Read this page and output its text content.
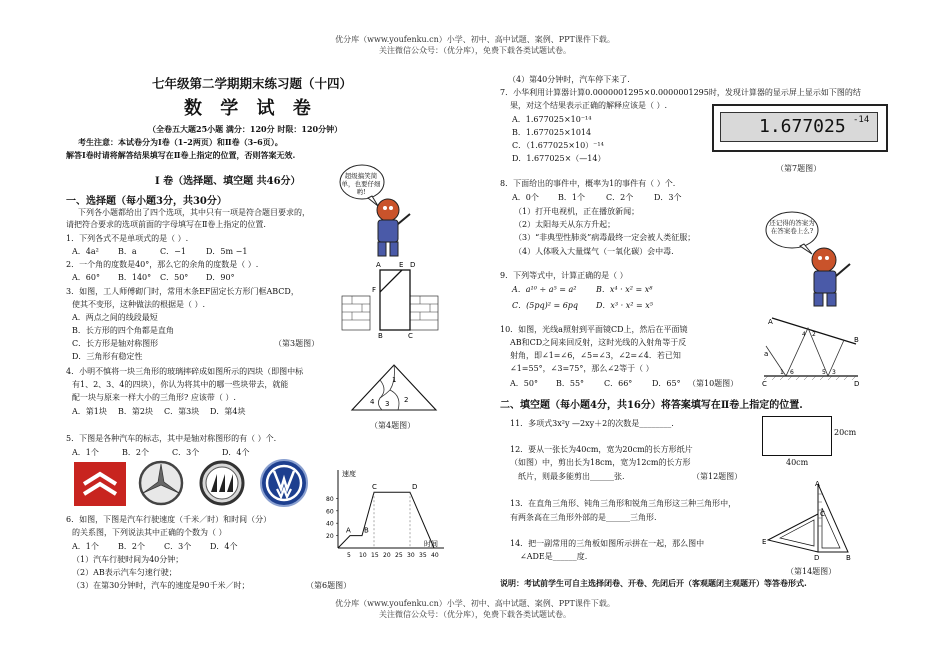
优分库（www.youfenku.cn）小学、初中、高中试题、案例、PPT课件下载。
关注微信公众号：（优分库），免费下载各类试题试卷。
七年级第二学期期末练习题（十四）
数 学 试 卷
（全卷五大题25小题 满分：120分 时限：120分钟）
考生注意：本试卷分为Ⅰ卷（1–2两页）和Ⅱ卷（3–6页）。
解答Ⅰ卷时请将解答结果填写在Ⅱ卷上指定的位置，否则答案无效.
Ⅰ 卷（选择题、填空题 共46分）	超级搞笑简单，也要仔细哟!
一、选择题（每小题3分，共30分）
下列各小题都给出了四个选项，其中只有一项是符合题目要求的，
请把符合要求的选项前面的字母填写在Ⅱ卷上指定的位置.
1．下列各式不是单项式的是（ ）.
A．4a² B．a	C．−1	D．5m −1
2．一个角的度数是40°，那么它的余角的度数是（ ）.
A．60° B．140° C．50° D．90°
3．如图，工人师傅砌门时，常用木条EF固定长方形门框ABCD，
使其不变形，这种做法的根据是（ ）.
A．两点之间的线段最短
B．长方形的四个角都是直角
C．长方形是轴对称图形
D．三角形有稳定性
（第3题图）
A	E D
F
B	C
4．小明不慎将一块三角形的玻璃摔碎成如图所示的四块（即图中标
有1、2、3、4的四块），你认为将其中的哪一些块带去，就能
配一块与原来一样大小的三角形? 应该带（ ）.
A．第1块 B．第2块 C．第3块 D．第4块
1
2
3
4
（第4题图）
5．下图是各种汽车的标志，其中是轴对称图形的有（ ）个.
A．1个	B．2个	C．3个	D．4个
速度
时间
20
40
60
80
5 10 15 20 25 30 35 40
A B
C	D
6．如图，下图是汽车行驶速度（千米／时）和时间（分）
的关系图，下列说法其中正确的个数为（ ）
A．1个 B．2个 C．3个 D．4个
（1）汽车行驶时间为40分钟；
（2）AB表示汽车匀速行驶；
（3）在第30分钟时，汽车的速度是90千米／时；	（第6题图）
（4）第40分钟时，汽车停下来了.
7．小华利用计算器计算0.0000001295×0.0000001295时，发现计算器的显示屏上显示如下图的结
果，对这个结果表示正确的解释应该是（ ）.
A．1.677025×10⁻¹⁴
B．1.677025×1014
C．（1.677025×10）⁻¹⁴
D．1.677025×（—14）
1.677025 -14
（第7题图）
8．下面给出的事件中，概率为1的事件有（ ）个.
A．0个 B．1个	C．2个	D．3个
（1）打开电视机，正在播放新闻；
（2）太阳每天从东方升起；
（3）“非典型性肺炎”病毒最终一定会被人类征服；
（4）人体吸入大量煤气（一氧化碳）会中毒.
还记得的答案为在答案卷上么?
9．下列等式中，计算正确的是（ ）
A．a¹⁰ ÷ a⁵ = a² B．x⁴ · x² = x⁸
C．(5pq)² = 6pq D．x³ · x² = x⁵
10．如图，光线a照射到平面镜CD上，然后在平面镜
AB和CD之间来回反射，这时光线的入射角等于反
射角，即∠1=∠6，∠5=∠3，∠2=∠4．若已知
∠1=55°，∠3=75°，那么∠2等于（ ）
A．50° B．55° C．66° D．65° （第10题图）
A
B
C	D
a
1 6	5 3
4 2
二、填空题（每小题4分，共16分）将答案填写在Ⅱ卷上指定的位置.
11．多项式3x²y —2xy＋2的次数是________.
12．要从一张长为40cm，宽为20cm的长方形纸片
（如图）中，剪出长为18cm，宽为12cm的长方形
纸片，则最多能剪出______张.	（第12题图）
20cm
40cm
13．在直角三角形、钝角三角形和锐角三角形这三种三角形中，
有两条高在三角形外部的是______三角形.
14．把一副常用的三角板如图所示拼在一起，那么图中
∠ADE是______度.
A
E
D	B
C
（第14题图）
说明：考试前学生可自主选择闭卷、开卷、先闭后开（客观题闭主观题开）等答卷形式.
优分库（www.youfenku.cn）小学、初中、高中试题、案例、PPT课件下载。
关注微信公众号：（优分库），免费下载各类试题试卷。
